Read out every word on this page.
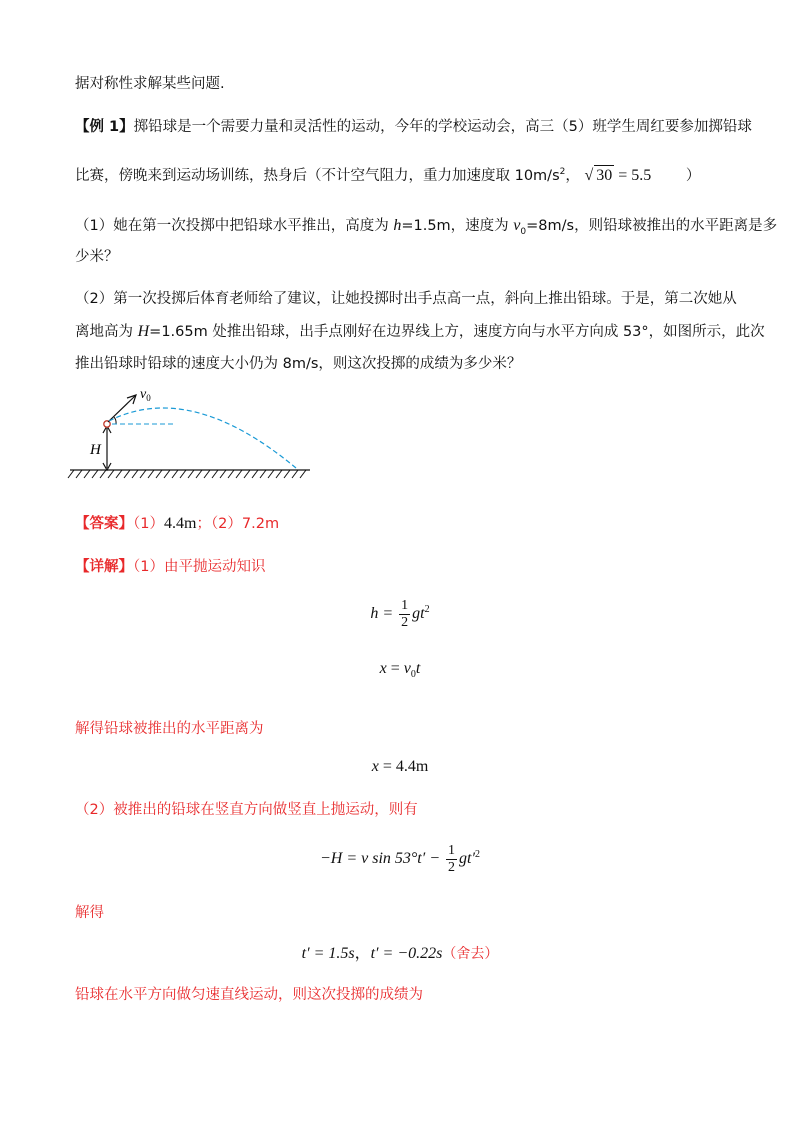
据对称性求解某些问题.
【例 1】掷铅球是一个需要力量和灵活性的运动，今年的学校运动会，高三（5）班学生周红要参加掷铅球
比赛，傍晚来到运动场训练，热身后（不计空气阻力，重力加速度取 $10m/s^2$， √ 30 = 5.5 ）
（1）她在第一次投掷中把铅球水平推出，高度为 h=1.5m，速度为 $v_0=8m/s$，则铅球被推出的水平距离是多
少米？
（2）第一次投掷后体育老师给了建议，让她投掷时出手点高一点，斜向上推出铅球。于是，第二次她从
离地高为 H=1.65m 处推出铅球，出手点刚好在边界线上方，速度方向与水平方向成 53°，如图所示，此次
推出铅球时铅球的速度大小仍为 8m/s，则这次投掷的成绩为多少米？
H
$v_0$
【答案】（1）4.4m；（2）7.2m
【详解】（1）由平抛运动知识
$h = \frac{1}{2} gt^2$
$x = v_0t$
解得铅球被推出的水平距离为
x = 4.4m
（2）被推出的铅球在竖直方向做竖直上抛运动，则有
−H = v $\sin 53^\circ t' - \frac{1}{2} gt'^2$
解得
t′ = 1.5s，t′ = −0.22s（舍去）
铅球在水平方向做匀速直线运动，则这次投掷的成绩为
